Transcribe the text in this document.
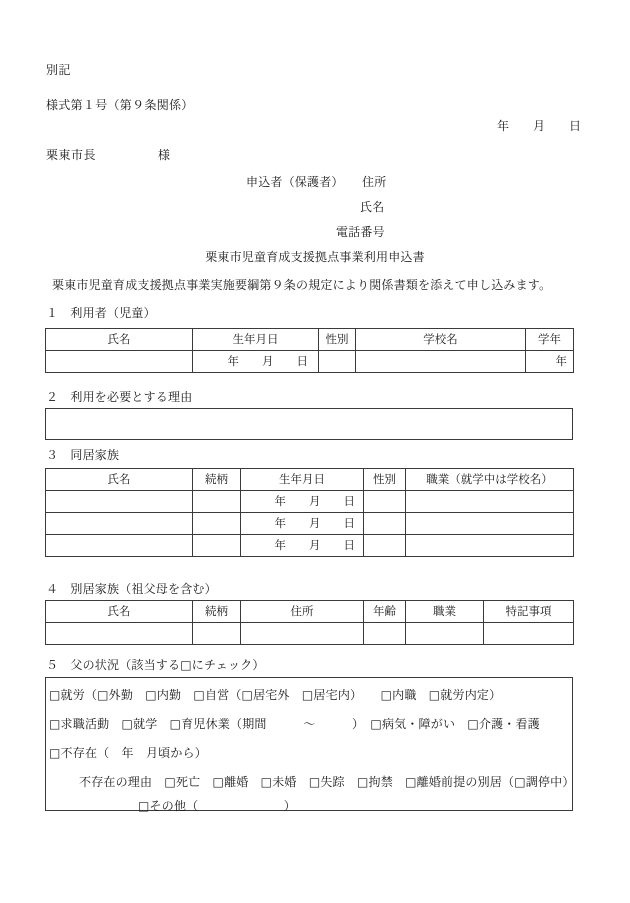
別記
様式第１号（第９条関係）
年　　月　　日
栗東市長	様
申込者（保護者）　　住所
氏名
電話番号
栗東市児童育成支援拠点事業利用申込書
栗東市児童育成支援拠点事業実施要綱第９条の規定により関係書類を添えて申し込みます。
１　利用者（児童）
氏名	生年月日	性別	学校名	学年
	年　　月　　日			年
２　利用を必要とする理由
３　同居家族
氏名	続柄	生年月日	性別	職業（就学中は学校名）
		年　　月　　日		
		年　　月　　日		
		年　　月　　日		
４　別居家族（祖父母を含む）
氏名	続柄	住所	年齢	職業	特記事項

５　父の状況（該当する□にチェック）
□就労（□外勤　□内勤　□自営（□居宅外　□居宅内）　　□内職　□就労内定）
□求職活動　□就学　□育児休業（期間　　　～　　　）　□病気・障がい　□介護・看護
□不存在（　年　月頃から）
不存在の理由　□死亡　□離婚　□未婚　□失踪　□拘禁　□離婚前提の別居（□調停中）
□その他（　　　　　　　）
